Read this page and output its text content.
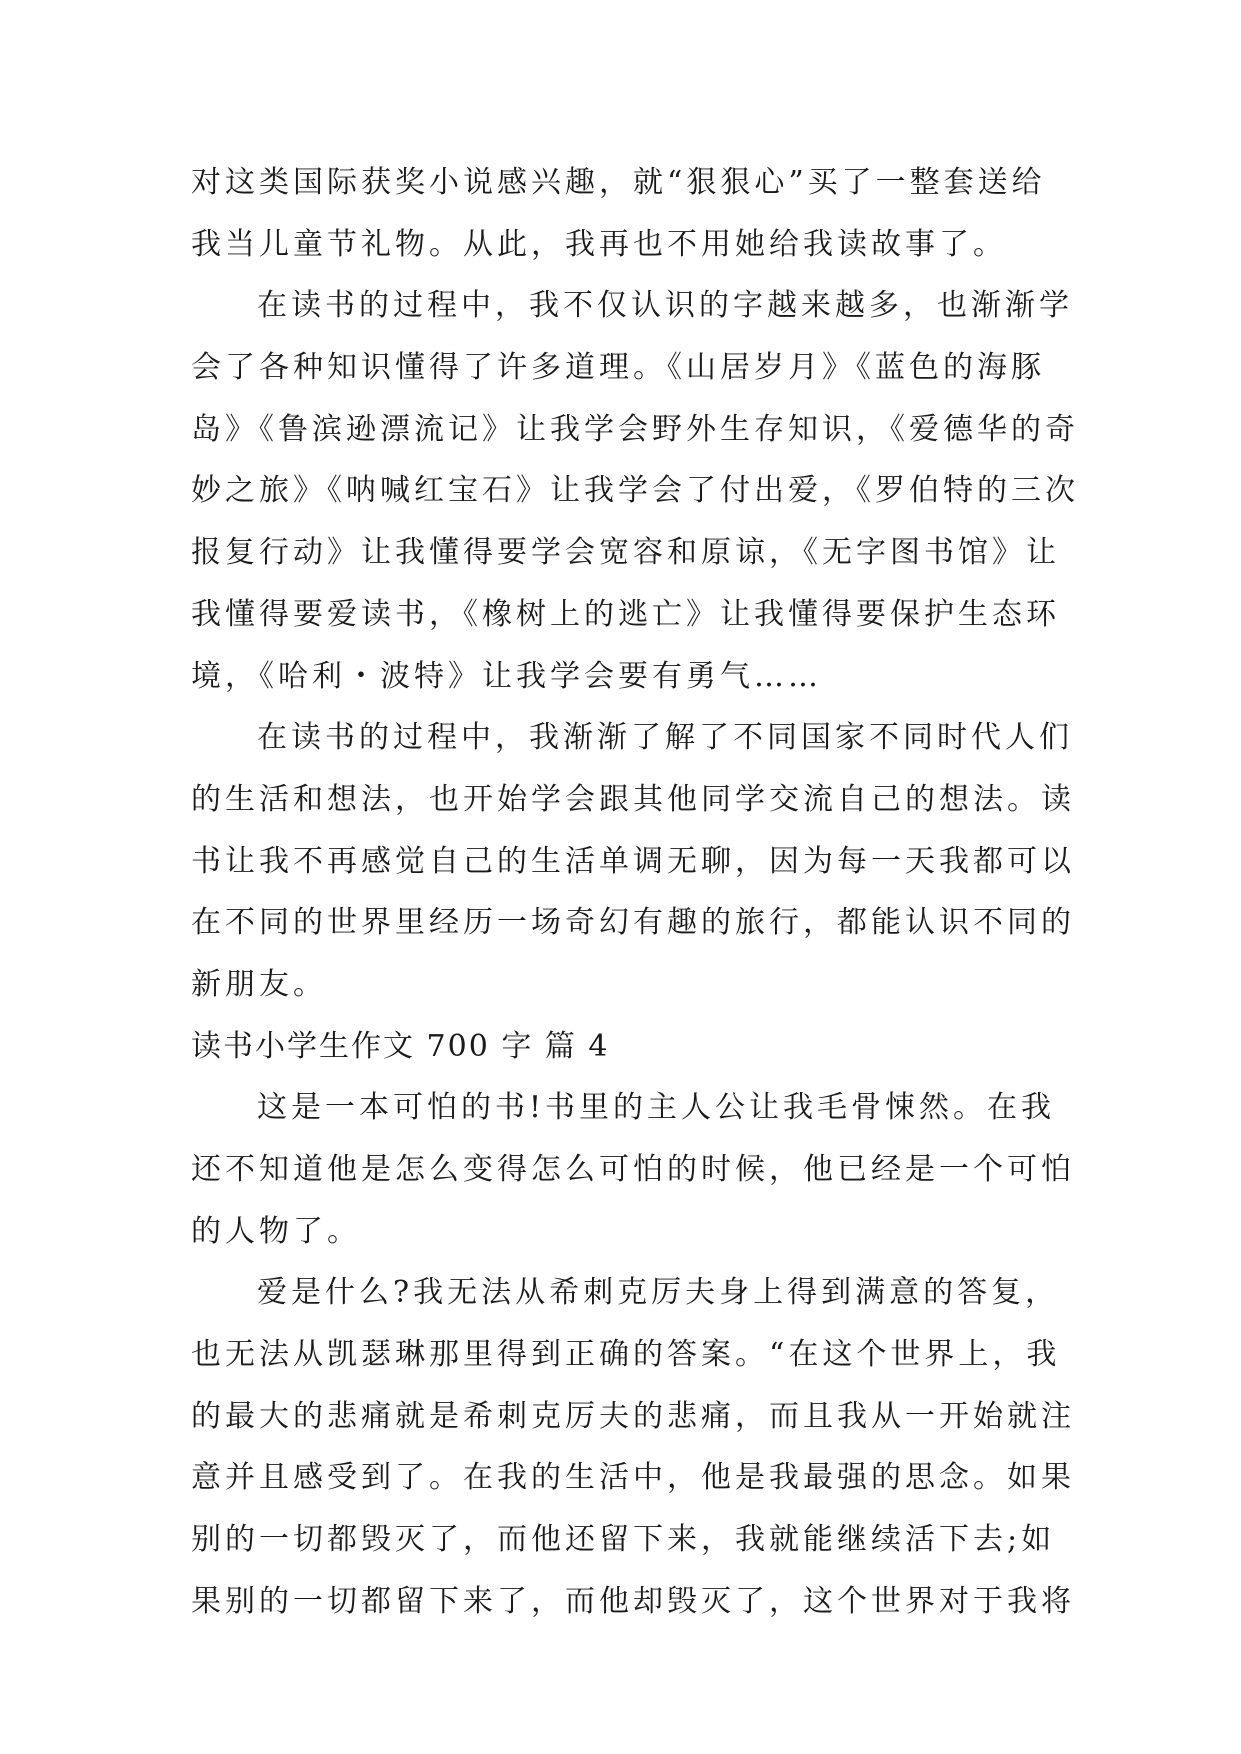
对这类国际获奖小说感兴趣，就“狠狠心”买了一整套送给
我当儿童节礼物。从此，我再也不用她给我读故事了。
在读书的过程中，我不仅认识的字越来越多，也渐渐学
会了各种知识懂得了许多道理。《山居岁月》《蓝色的海豚
岛》《鲁滨逊漂流记》让我学会野外生存知识，《爱德华的奇
妙之旅》《呐喊红宝石》让我学会了付出爱，《罗伯特的三次
报复行动》让我懂得要学会宽容和原谅，《无字图书馆》让
我懂得要爱读书，《橡树上的逃亡》让我懂得要保护生态环
境，《哈利・波特》让我学会要有勇气……
在读书的过程中，我渐渐了解了不同国家不同时代人们
的生活和想法，也开始学会跟其他同学交流自己的想法。读
书让我不再感觉自己的生活单调无聊，因为每一天我都可以
在不同的世界里经历一场奇幻有趣的旅行，都能认识不同的
新朋友。
读书小学生作文 700 字 篇 4
这是一本可怕的书!书里的主人公让我毛骨悚然。在我
还不知道他是怎么变得怎么可怕的时候，他已经是一个可怕
的人物了。
爱是什么?我无法从希刺克厉夫身上得到满意的答复，
也无法从凯瑟琳那里得到正确的答案。“在这个世界上，我
的最大的悲痛就是希刺克厉夫的悲痛，而且我从一开始就注
意并且感受到了。在我的生活中，他是我最强的思念。如果
别的一切都毁灭了，而他还留下来，我就能继续活下去;如
果别的一切都留下来了，而他却毁灭了，这个世界对于我将
